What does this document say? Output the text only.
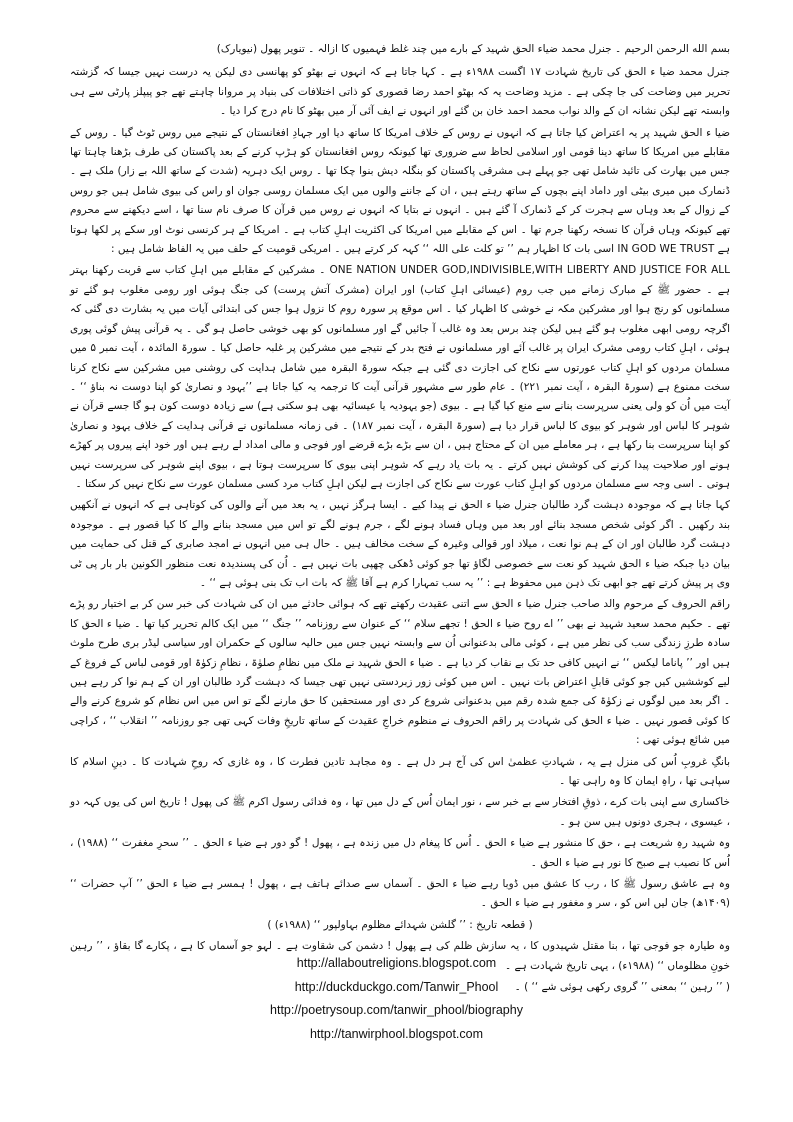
بسم الله الرحمن الرحیم ۔ جنرل محمد ضیاء الحق شہید کے بارے میں چند غلط فہمیوں کا ازالہ ۔ تنویر پھول (نیویارک)

جنرل محمد ضیا ء الحق کی تاریخ شہادت ۱۷ اگست ۱۹۸۸ء ہے ۔ کہا جاتا ہے کہ انہوں نے بھٹو کو پھانسی دی لیکن یہ درست نہیں جیسا کہ گزشتہ تحریر میں وضاحت کی جا چکی ہے ۔ مزید وضاحت یہ کہ بھٹو احمد رضا قصوری کو ذاتی اختلافات کی بنیاد پر مروانا چاہتے تھے جو پیپلز پارٹی سے ہی وابستہ تھے لیکن نشانہ ان کے والد نواب محمد احمد خان بن گئے اور انہوں نے ایف آئی آر میں بھٹو کا نام درج کرا دیا ۔

ضیا ء الحق شہید پر یہ اعتراض کیا جاتا ہے کہ انہوں نے روس کے خلاف امریکا کا ساتھ دیا اور جہادِ افغانستان کے نتیجے میں روس ٹوٹ گیا ۔ روس کے مقابلے میں امریکا کا ساتھ دینا قومی اور اسلامی لحاظ سے ضروری تھا کیونکہ روس افغانستان کو ہڑپ کرنے کے بعد پاکستان کی طرف بڑھنا چاہتا تھا جس میں بھارت کی تائید شامل تھی جو پہلے ہی مشرقی پاکستان کو بنگلہ دیش بنوا چکا تھا ۔ روس ایک دہریہ (شدت کے ساتھ اللہ بے زار) ملک ہے ۔ ڈنمارک میں میری بیٹی اور داماد اپنے بچوں کے ساتھ رہتے ہیں ، ان کے جاننے والوں میں ایک مسلمان روسی جوان او راس کی بیوی شامل ہیں جو روس کے زوال کے بعد وہاں سے ہجرت کر کے ڈنمارک آ گئے ہیں ۔ انہوں نے بتایا کہ انہوں نے روس میں قرآن کا صرف نام سنا تھا ، اسے دیکھنے سے محروم تھے کیونکہ وہاں قرآن کا نسخہ رکھنا جرم تھا ۔ اس کے مقابلے میں امریکا کی اکثریت اہلِ کتاب ہے ۔ امریکا کے ہر کرنسی نوٹ اور سکے پر لکھا ہوتا ہے IN GOD WE TRUST اسی بات کا اظہار ہم ’’ تو کلت علی اللہ ‘‘ کہہ کر کرتے ہیں ۔ امریکی قومیت کے حلف میں یہ الفاظ شامل ہیں :

ONE NATION UNDER GOD,INDIVISIBLE,WITH LIBERTY AND JUSTICE FOR ALL ۔ مشرکین کے مقابلے میں اہلِ کتاب سے قربت رکھنا بہتر ہے ۔ حضور ﷺ کے مبارک زمانے میں جب روم (عیسائی اہلِ کتاب) اور ایران (مشرک آتش پرست) کی جنگ ہوئی اور رومی مغلوب ہو گئے تو مسلمانوں کو رنج ہوا اور مشرکین مکہ نے خوشی کا اظہار کیا ۔ اس موقع پر سورہ روم کا نزول ہوا جس کی ابتدائی آیات میں یہ بشارت دی گئی کہ اگرچہ رومی ابھی مغلوب ہو گئے ہیں لیکن چند برس بعد وہ غالب آ جائیں گے اور مسلمانوں کو بھی خوشی حاصل ہو گی ۔ یہ قرآنی پیش گوئی پوری ہوئی ، اہلِ کتاب رومی مشرک ایران پر غالب آئے اور مسلمانوں نے فتح بدر کے نتیجے میں مشرکین پر غلبہ حاصل کیا ۔ سورۃ المائدہ ، آیت نمبر ۵ میں مسلمان مردوں کو اہلِ کتاب عورتوں سے نکاح کی اجازت دی گئی ہے جبکہ سورۃ البقرہ میں شامل ہدایت کی روشنی میں مشرکین سے نکاح کرنا سخت ممنوع ہے (سورۃ البقرہ ، آیت نمبر ۲۲۱) ۔ عام طور سے مشہور قرآنی آیت کا ترجمہ یہ کیا جاتا ہے ’’یہود و نصاریٰ کو اپنا دوست نہ بناؤ ‘‘ ۔ آیت میں اُن کو ولی یعنی سرپرست بنانے سے منع کیا گیا ہے ۔ بیوی (جو یہودیہ یا عیسائیہ بھی ہو سکتی ہے) سے زیادہ دوست کون ہو گا جسے قرآن نے شوہر کا لباس اور شوہر کو بیوی کا لباس قرار دیا ہے (سورۃ البقرہ ، آیت نمبر ۱۸۷) ۔ فی زمانہ مسلمانوں نے قرآنی ہدایت کے خلاف یہود و نصاریٰ کو اپنا سرپرست بنا رکھا ہے ، ہر معاملے میں ان کے محتاج ہیں ، ان سے بڑے بڑے قرضے اور فوجی و مالی امداد لے رہے ہیں اور خود اپنے پیروں پر کھڑے ہونے اور صلاحیت پیدا کرنے کی کوشش نہیں کرتے ۔ یہ بات یاد رہے کہ شوہر اپنی بیوی کا سرپرست ہوتا ہے ، بیوی اپنے شوہر کی سرپرست نہیں ہوتی ۔ اسی وجہ سے مسلمان مردوں کو اہلِ کتاب عورت سے نکاح کی اجازت ہے لیکن اہلِ کتاب مرد کسی مسلمان عورت سے نکاح نہیں کر سکتا ۔

کہا جاتا ہے کہ موجودہ دہشت گرد طالبان جنرل ضیا ء الحق نے پیدا کیے ۔ ایسا ہرگز نہیں ، یہ بعد میں آنے والوں کی کوتاہی ہے کہ انہوں نے آنکھیں بند رکھیں ۔ اگر کوئی شخص مسجد بنائے اور بعد میں وہاں فساد ہونے لگے ، جرم ہونے لگے تو اس میں مسجد بنانے والے کا کیا قصور ہے ۔ موجودہ دہشت گرد طالبان اور ان کے ہم نوا نعت ، میلاد اور قوالی وغیرہ کے سخت مخالف ہیں ۔ حال ہی میں انہوں نے امجد صابری کے قتل کی حمایت میں بیان دیا جبکہ ضیا ء الحق شہید کو نعت سے خصوصی لگاؤ تھا جو کوئی ڈھکی چھپی بات نہیں ہے ۔ اُن کی پسندیدہ نعت منظور الکونین بار بار پی ٹی وی پر پیش کرتے تھے جو ابھی تک ذہن میں محفوظ ہے : ’’ یہ سب تمہارا کرم ہے آقا ﷺ کہ بات اب تک بنی ہوئی ہے ‘‘ ۔

راقم الحروف کے مرحوم والد صاحب جنرل ضیا ء الحق سے اتنی عقیدت رکھتے تھے کہ ہوائی حادثے میں ان کی شہادت کی خبر سن کر بے اختیار رو پڑے تھے ۔ حکیم محمد سعید شہید نے بھی ’’ اے روح ضیا ء الحق ! تجھے سلام ‘‘ کے عنوان سے روزنامہ ’’ جنگ ‘‘ میں ایک کالم تحریر کیا تھا ۔ ضیا ء الحق کا سادہ طرزِ زندگی سب کی نظر میں ہے ، کوئی مالی بدعنوانی اُن سے وابستہ نہیں جس میں حالیہ سالوں کے حکمران اور سیاسی لیڈر بری طرح ملوث ہیں اور ’’ پاناما لیکس ‘‘ نے انہیں کافی حد تک بے نقاب کر دیا ہے ۔ ضیا ء الحق شہید نے ملک میں نظامِ صلوٰۃ ، نظامِ زکوٰۃ اور قومی لباس کے فروغ کے لیے کوششیں کیں جو کوئی قابلِ اعتراض بات نہیں ۔ اس میں کوئی زور زبردستی نہیں تھی جیسا کہ دہشت گرد طالبان اور ان کے ہم نوا کر رہے ہیں ۔ اگر بعد میں لوگوں نے زکوٰۃ کی جمع شدہ رقم میں بدعنوانی شروع کر دی اور مستحقین کا حق مارنے لگے تو اس میں اس نظام کو شروع کرنے والے کا کوئی قصور نہیں ۔ ضیا ء الحق کی شہادت پر راقم الحروف نے منظوم خراجِ عقیدت کے ساتھ تاریخِ وفات کہی تھی جو روزنامہ ’’ انقلاب ‘‘ ، کراچی میں شائع ہوئی تھی :

بانگِ غروبِ اُس کی منزل ہے یہ ، شہادتِ عظمیٰ اس کی آج ہر دل ہے ۔ وہ مجاہد تادین فطرت کا ، وہ غازی کہ روحِ شہادت کا ۔ دینِ اسلام کا سپاہی تھا ، راہِ ایمان کا وہ راہی تھا ۔

خاکساری سے اپنی بات کرے ، ذوقِ افتخار سے بے خبر سے ، نور ایمان اُس کے دل میں تھا ، وہ فدائی رسول اکرم ﷺ کی پھول ! تاریخ اس کی یوں کہہ دو ، عیسوی ، ہجری دونوں ہیں سن ہو ۔

وہ شہید رہِ شریعت ہے ، حق کا منشور ہے ضیا ء الحق ۔ اُس کا پیغام دل میں زندہ ہے ، پھول ! گو دور ہے ضیا ء الحق ۔ ’’ سحرِ مغفرت ‘‘ (۱۹۸۸) ، اُس کا نصیب ہے صبح کا نور ہے ضیا ء الحق ۔

وہ ہے عاشق رسول ﷺ کا ، رب کا عشق میں ڈوبا رہے ضیا ء الحق ۔ آسماں سے صدائے ہاتف ہے ، پھول ! ہمسر ہے ضیا ء الحق ’’ آپ حضرات ‘‘ (۱۴۰۹ھ) جان لیں اس کو ، سر و مغفور ہے ضیا ء الحق ۔

( قطعہ تاریخ : ’’ گلشن شہدائے مظلوم بہاولپور ‘‘ (۱۹۸۸ء) )

وہ طیارہ جو فوجی تھا ، بنا مقتل شہیدوں کا ، یہ سازش ظلم کی ہے پھول ! دشمن کی شقاوت ہے ۔ لہو جو آسماں کا ہے ، پکارے گا بقاؤ ، ’’ رہین خونِ مظلوماں ‘‘ (۱۹۸۸ء) ، یہی تاریخ شہادت ہے ۔

( ’’ رہین ‘‘ بمعنی ’’ گروی رکھی ہوئی شے ‘‘ ) ۔

http://allaboutreligions.blogspot.com
http://duckduckgo.com/Tanwir_Phool
http://poetrysoup.com/tanwir_phool/biography
http://tanwirphool.blogspot.com
